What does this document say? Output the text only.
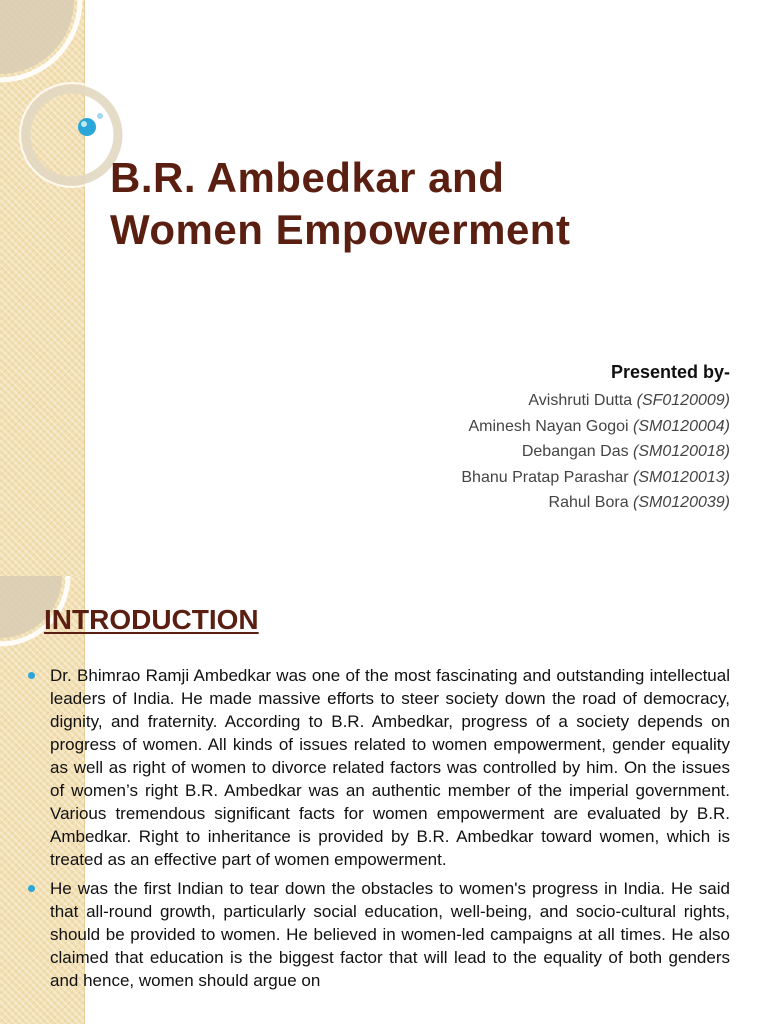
B.R. Ambedkar and
Women Empowerment
Presented by-
Avishruti Dutta (SF0120009)
Aminesh Nayan Gogoi (SM0120004)
Debangan Das (SM0120018)
Bhanu Pratap Parashar (SM0120013)
Rahul Bora (SM0120039)
INTRODUCTION
Dr. Bhimrao Ramji Ambedkar was one of the most fascinating and outstanding intellectual leaders of India. He made massive efforts to steer society down the road of democracy, dignity, and fraternity. According to B.R. Ambedkar, progress of a society depends on progress of women. All kinds of issues related to women empowerment, gender equality as well as right of women to divorce related factors was controlled by him. On the issues of women’s right B.R. Ambedkar was an authentic member of the imperial government. Various tremendous significant facts for women empowerment are evaluated by B.R. Ambedkar. Right to inheritance is provided by B.R. Ambedkar toward women, which is treated as an effective part of women empowerment.
He was the first Indian to tear down the obstacles to women's progress in India. He said that all-round growth, particularly social education, well-being, and socio-cultural rights, should be provided to women. He believed in women-led campaigns at all times. He also claimed that education is the biggest factor that will lead to the equality of both genders and hence, women should argue on
